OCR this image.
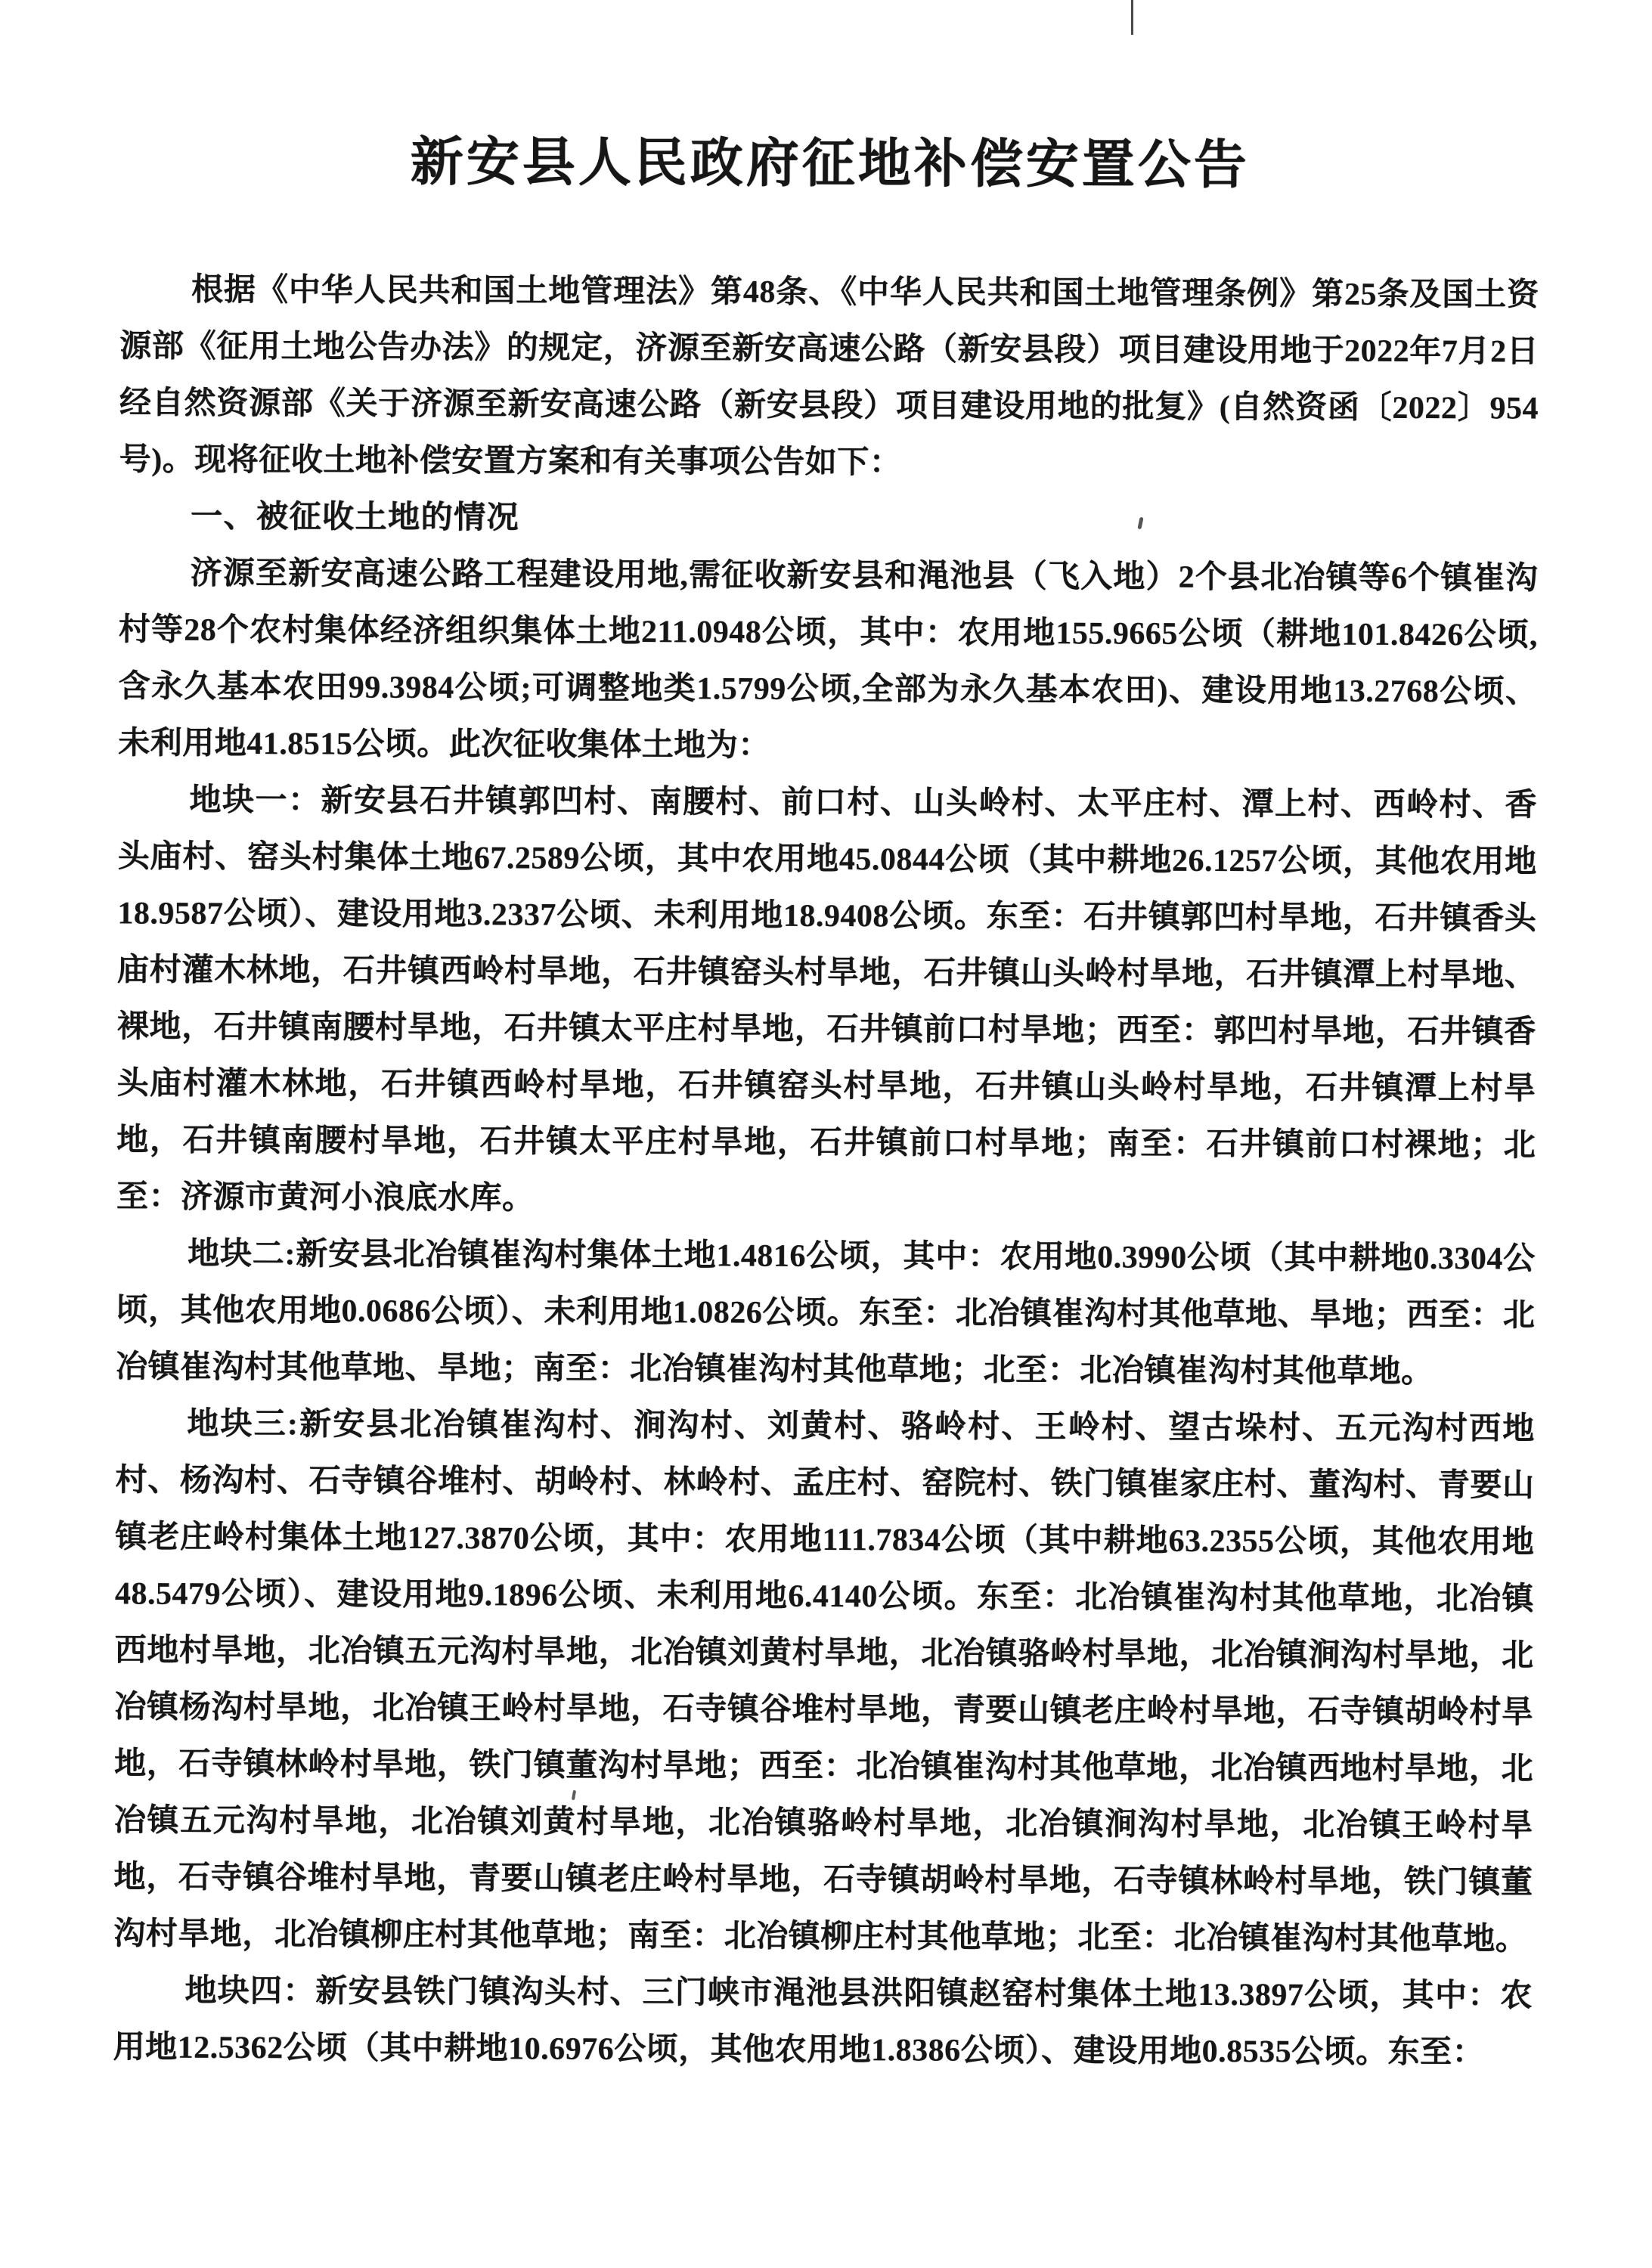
新安县人民政府征地补偿安置公告

根据《中华人民共和国土地管理法》第48条、《中华人民共和国土地管理条例》第25条及国土资源部《征用土地公告办法》的规定，济源至新安高速公路（新安县段）项目建设用地于2022年7月2日经自然资源部《关于济源至新安高速公路（新安县段）项目建设用地的批复》(自然资函〔2022〕954号)。现将征收土地补偿安置方案和有关事项公告如下：

一、被征收土地的情况

济源至新安高速公路工程建设用地,需征收新安县和渑池县（飞入地）2个县北冶镇等6个镇崔沟村等28个农村集体经济组织集体土地211.0948公顷，其中：农用地155.9665公顷（耕地101.8426公顷,含永久基本农田99.3984公顷;可调整地类1.5799公顷,全部为永久基本农田)、建设用地13.2768公顷、未利用地41.8515公顷。此次征收集体土地为：

地块一：新安县石井镇郭凹村、南腰村、前口村、山头岭村、太平庄村、潭上村、西岭村、香头庙村、窑头村集体土地67.2589公顷，其中农用地45.0844公顷（其中耕地26.1257公顷，其他农用地18.9587公顷）、建设用地3.2337公顷、未利用地18.9408公顷。东至：石井镇郭凹村旱地，石井镇香头庙村灌木林地，石井镇西岭村旱地，石井镇窑头村旱地，石井镇山头岭村旱地，石井镇潭上村旱地、裸地，石井镇南腰村旱地，石井镇太平庄村旱地，石井镇前口村旱地；西至：郭凹村旱地，石井镇香头庙村灌木林地，石井镇西岭村旱地，石井镇窑头村旱地，石井镇山头岭村旱地，石井镇潭上村旱地，石井镇南腰村旱地，石井镇太平庄村旱地，石井镇前口村旱地；南至：石井镇前口村裸地；北至：济源市黄河小浪底水库。

地块二:新安县北冶镇崔沟村集体土地1.4816公顷，其中：农用地0.3990公顷（其中耕地0.3304公顷，其他农用地0.0686公顷）、未利用地1.0826公顷。东至：北冶镇崔沟村其他草地、旱地；西至：北冶镇崔沟村其他草地、旱地；南至：北冶镇崔沟村其他草地；北至：北冶镇崔沟村其他草地。

地块三:新安县北冶镇崔沟村、涧沟村、刘黄村、骆岭村、王岭村、望古垛村、五元沟村西地村、杨沟村、石寺镇谷堆村、胡岭村、林岭村、孟庄村、窑院村、铁门镇崔家庄村、董沟村、青要山镇老庄岭村集体土地127.3870公顷，其中：农用地111.7834公顷（其中耕地63.2355公顷，其他农用地48.5479公顷）、建设用地9.1896公顷、未利用地6.4140公顷。东至：北冶镇崔沟村其他草地，北冶镇西地村旱地，北冶镇五元沟村旱地，北冶镇刘黄村旱地，北冶镇骆岭村旱地，北冶镇涧沟村旱地，北冶镇杨沟村旱地，北冶镇王岭村旱地，石寺镇谷堆村旱地，青要山镇老庄岭村旱地，石寺镇胡岭村旱地，石寺镇林岭村旱地，铁门镇董沟村旱地；西至：北冶镇崔沟村其他草地，北冶镇西地村旱地，北冶镇五元沟村旱地，北冶镇刘黄村旱地，北冶镇骆岭村旱地，北冶镇涧沟村旱地，北冶镇王岭村旱地，石寺镇谷堆村旱地，青要山镇老庄岭村旱地，石寺镇胡岭村旱地，石寺镇林岭村旱地，铁门镇董沟村旱地，北冶镇柳庄村其他草地；南至：北冶镇柳庄村其他草地；北至：北冶镇崔沟村其他草地。

地块四：新安县铁门镇沟头村、三门峡市渑池县洪阳镇赵窑村集体土地13.3897公顷，其中：农用地12.5362公顷（其中耕地10.6976公顷，其他农用地1.8386公顷）、建设用地0.8535公顷。东至：
